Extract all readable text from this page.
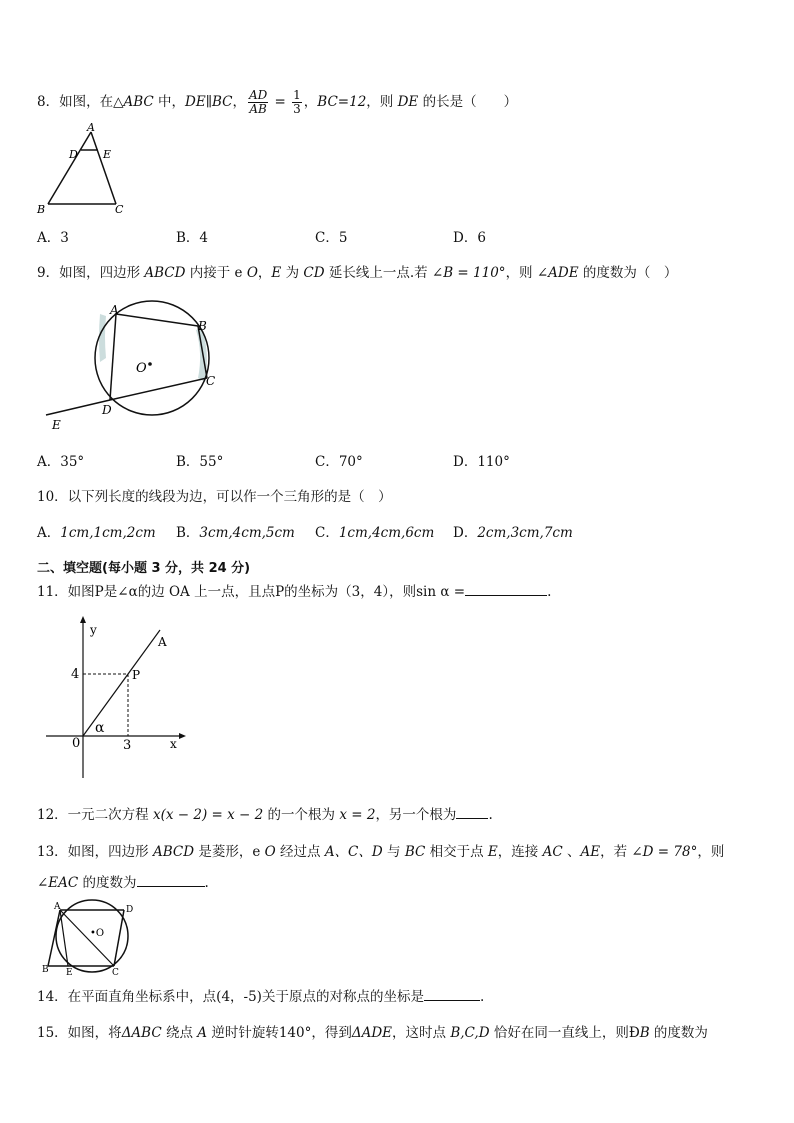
8．如图，在△ABC 中，DE∥BC， $\frac{AD}{AB} = \frac{1}{3}$ ，BC=12，则 DE 的长是（　　）
A
D E
B	C
A．3	B．4	C．5	D．6
9．如图，四边形 ABCD 内接于 e O，E 为 CD 延长线上一点.若 ∠B = 110°，则 ∠ADE 的度数为（　）
A
B
C
D
E
O
A．35°	B．55°	C．70°	D．110°
10．以下列长度的线段为边，可以作一个三角形的是（　）
A．1cm,1cm,2cm B．3cm,4cm,5cm C．1cm,4cm,6cm D．2cm,3cm,7cm
二、填空题(每小题 3 分，共 24 分)
11．如图P是∠α的边 OA 上一点，且点P的坐标为（3，4），则sin α =	.
y
x
A
P
4
3
0
α
12．一元二次方程 x(x − 2) = x − 2 的一个根为 x = 2，另一个根为 .
13．如图，四边形 ABCD 是菱形，e O 经过点 A、C、D 与 BC 相交于点 E，连接 AC 、AE，若 ∠D = 78°，则
∠EAC 的度数为	.
A	D
•O
B E	C
14．在平面直角坐标系中，点(4，-5)关于原点的对称点的坐标是	.
15．如图，将ΔABC 绕点 A 逆时针旋转140°，得到ΔADE，这时点 B,C,D 恰好在同一直线上，则ÐB 的度数为
